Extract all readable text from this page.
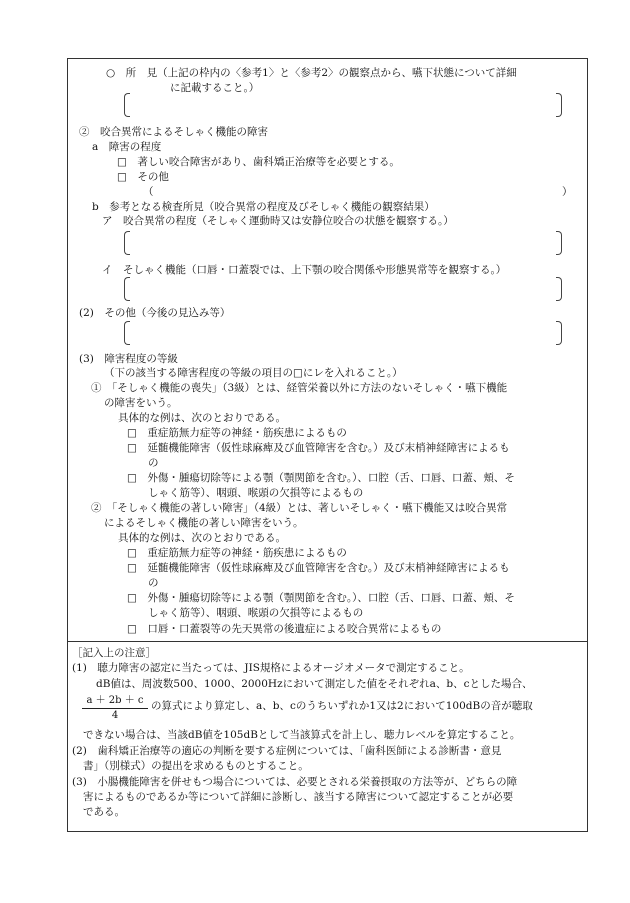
○　所　見（上記の枠内の〈参考1〉と〈参考2〉の観察点から、嚥下状態について詳細
に記載すること。）
②　咬合異常によるそしゃく機能の障害
a　障害の程度
□　著しい咬合障害があり、歯科矯正治療等を必要とする。
□　その他
（	）
b　参考となる検査所見（咬合異常の程度及びそしゃく機能の観察結果）
ア　咬合異常の程度（そしゃく運動時又は安静位咬合の状態を観察する。）
イ　そしゃく機能（口唇・口蓋裂では、上下顎の咬合関係や形態異常等を観察する。）
(2)　その他（今後の見込み等）
(3)　障害程度の等級
（下の該当する障害程度の等級の項目の□にレを入れること。）
①　「そしゃく機能の喪失」（3級）とは、経管栄養以外に方法のないそしゃく・嚥下機能
の障害をいう。
具体的な例は、次のとおりである。
□　重症筋無力症等の神経・筋疾患によるもの
□　延髄機能障害（仮性球麻痺及び血管障害を含む。）及び末梢神経障害によるも
の
□　外傷・腫瘍切除等による顎（顎関節を含む。）、口腔（舌、口唇、口蓋、頬、そ
しゃく筋等）、咽頭、喉頭の欠損等によるもの
②　「そしゃく機能の著しい障害」（4級）とは、著しいそしゃく・嚥下機能又は咬合異常
によるそしゃく機能の著しい障害をいう。
具体的な例は、次のとおりである。
□　重症筋無力症等の神経・筋疾患によるもの
□　延髄機能障害（仮性球麻痺及び血管障害を含む。）及び末梢神経障害によるも
の
□　外傷・腫瘍切除等による顎（顎関節を含む。）、口腔（舌、口唇、口蓋、頬、そ
しゃく筋等）、咽頭、喉頭の欠損等によるもの
□　口唇・口蓋裂等の先天異常の後遺症による咬合異常によるもの
［記入上の注意］
(1)　聴力障害の認定に当たっては、JIS規格によるオージオメータで測定すること。
dB値は、周波数500、1000、2000Hzにおいて測定した値をそれぞれa、b、cとした場合、
の算式により算定し、a、b、cのうちいずれか1又は2において100dBの音が聴取
できない場合は、当該dB値を105dBとして当該算式を計上し、聴力レベルを算定すること。
(2)　歯科矯正治療等の適応の判断を要する症例については、「歯科医師による診断書・意見
書」（別様式）の提出を求めるものとすること。
(3)　小腸機能障害を併せもつ場合については、必要とされる栄養摂取の方法等が、どちらの障
害によるものであるか等について詳細に診断し、該当する障害について認定することが必要
である。
$\frac{a + 2b + c}{4}$
